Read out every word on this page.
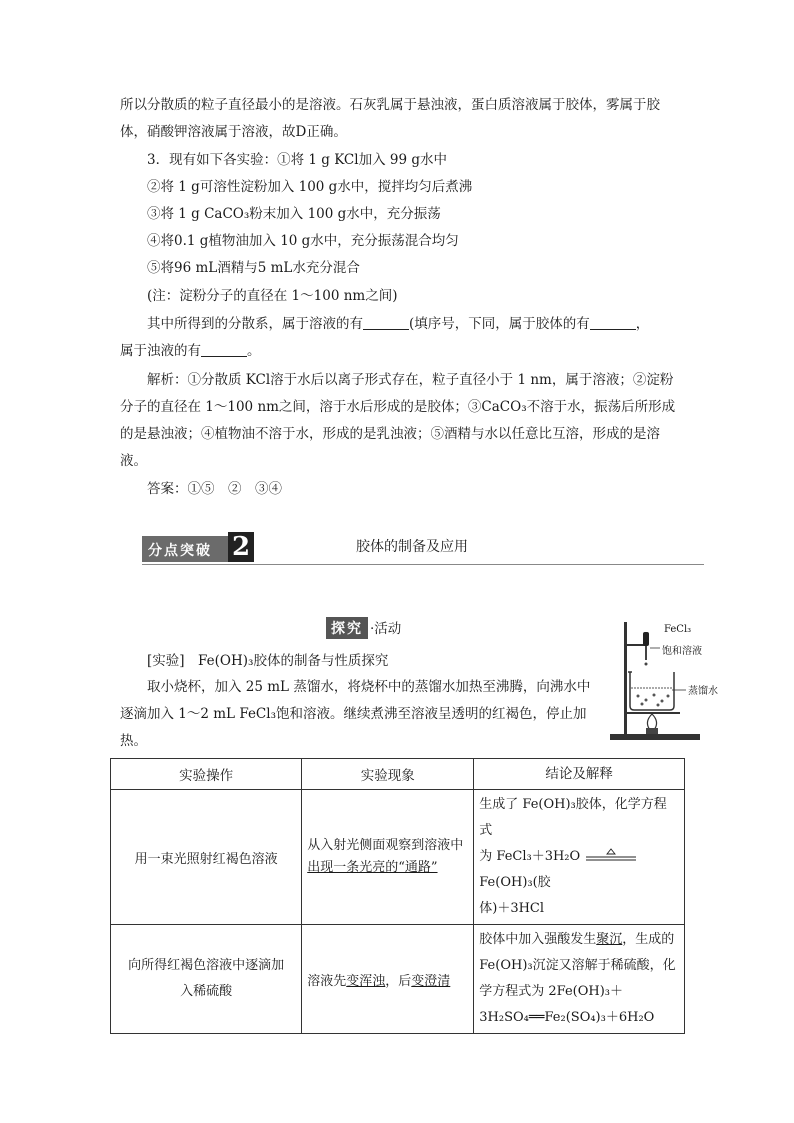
所以分散质的粒子直径最小的是溶液。石灰乳属于悬浊液，蛋白质溶液属于胶体，雾属于胶

体，硝酸钾溶液属于溶液，故D正确。

3．现有如下各实验：①将 1 g KCl加入 99 g水中

②将 1 g可溶性淀粉加入 100 g水中，搅拌均匀后煮沸

③将 1 g CaCO₃粉末加入 100 g水中，充分振荡

④将0.1 g植物油加入 10 g水中，充分振荡混合均匀

⑤将96 mL酒精与5 mL水充分混合

(注：淀粉分子的直径在 1～100 nm之间)

其中所得到的分散系，属于溶液的有	(填序号，下同，属于胶体的有	，

属于浊液的有	。

解析：①分散质 KCl溶于水后以离子形式存在，粒子直径小于 1 nm，属于溶液；②淀粉

分子的直径在 1～100 nm之间，溶于水后形成的是胶体；③CaCO₃不溶于水，振荡后所形成

的是悬浊液；④植物油不溶于水，形成的是乳浊液；⑤酒精与水以任意比互溶，形成的是溶

液。

答案：①⑤　②　③④

分点突破 2	胶体的制备及应用
探究 ·活动

[实验]　Fe(OH)₃胶体的制备与性质探究

取小烧杯，加入 25 mL 蒸馏水，将烧杯中的蒸馏水加热至沸腾，向沸水中

逐滴加入 1～2 mL FeCl₃饱和溶液。继续煮沸至溶液呈透明的红褐色，停止加

热。

FeCl₃
饱和溶液
蒸馏水
实验操作	实验现象	结论及解释
用一束光照射红褐色溶液	从入射光侧面观察到溶液中出现一条光亮的“通路”	生成了 Fe(OH)₃胶体，化学方程式
为 FeCl₃＋3H₂O  Fe(OH)₃(胶
体)＋3HCl

向所得红褐色溶液中逐滴加入稀硫酸	溶液先变浑浊，后变澄清	胶体中加入强酸发生聚沉，生成的
Fe(OH)₃沉淀又溶解于稀硫酸，化
学方程式为 2Fe(OH)₃＋
3H₂SO₄══Fe₂(SO₄)₃＋6H₂O
